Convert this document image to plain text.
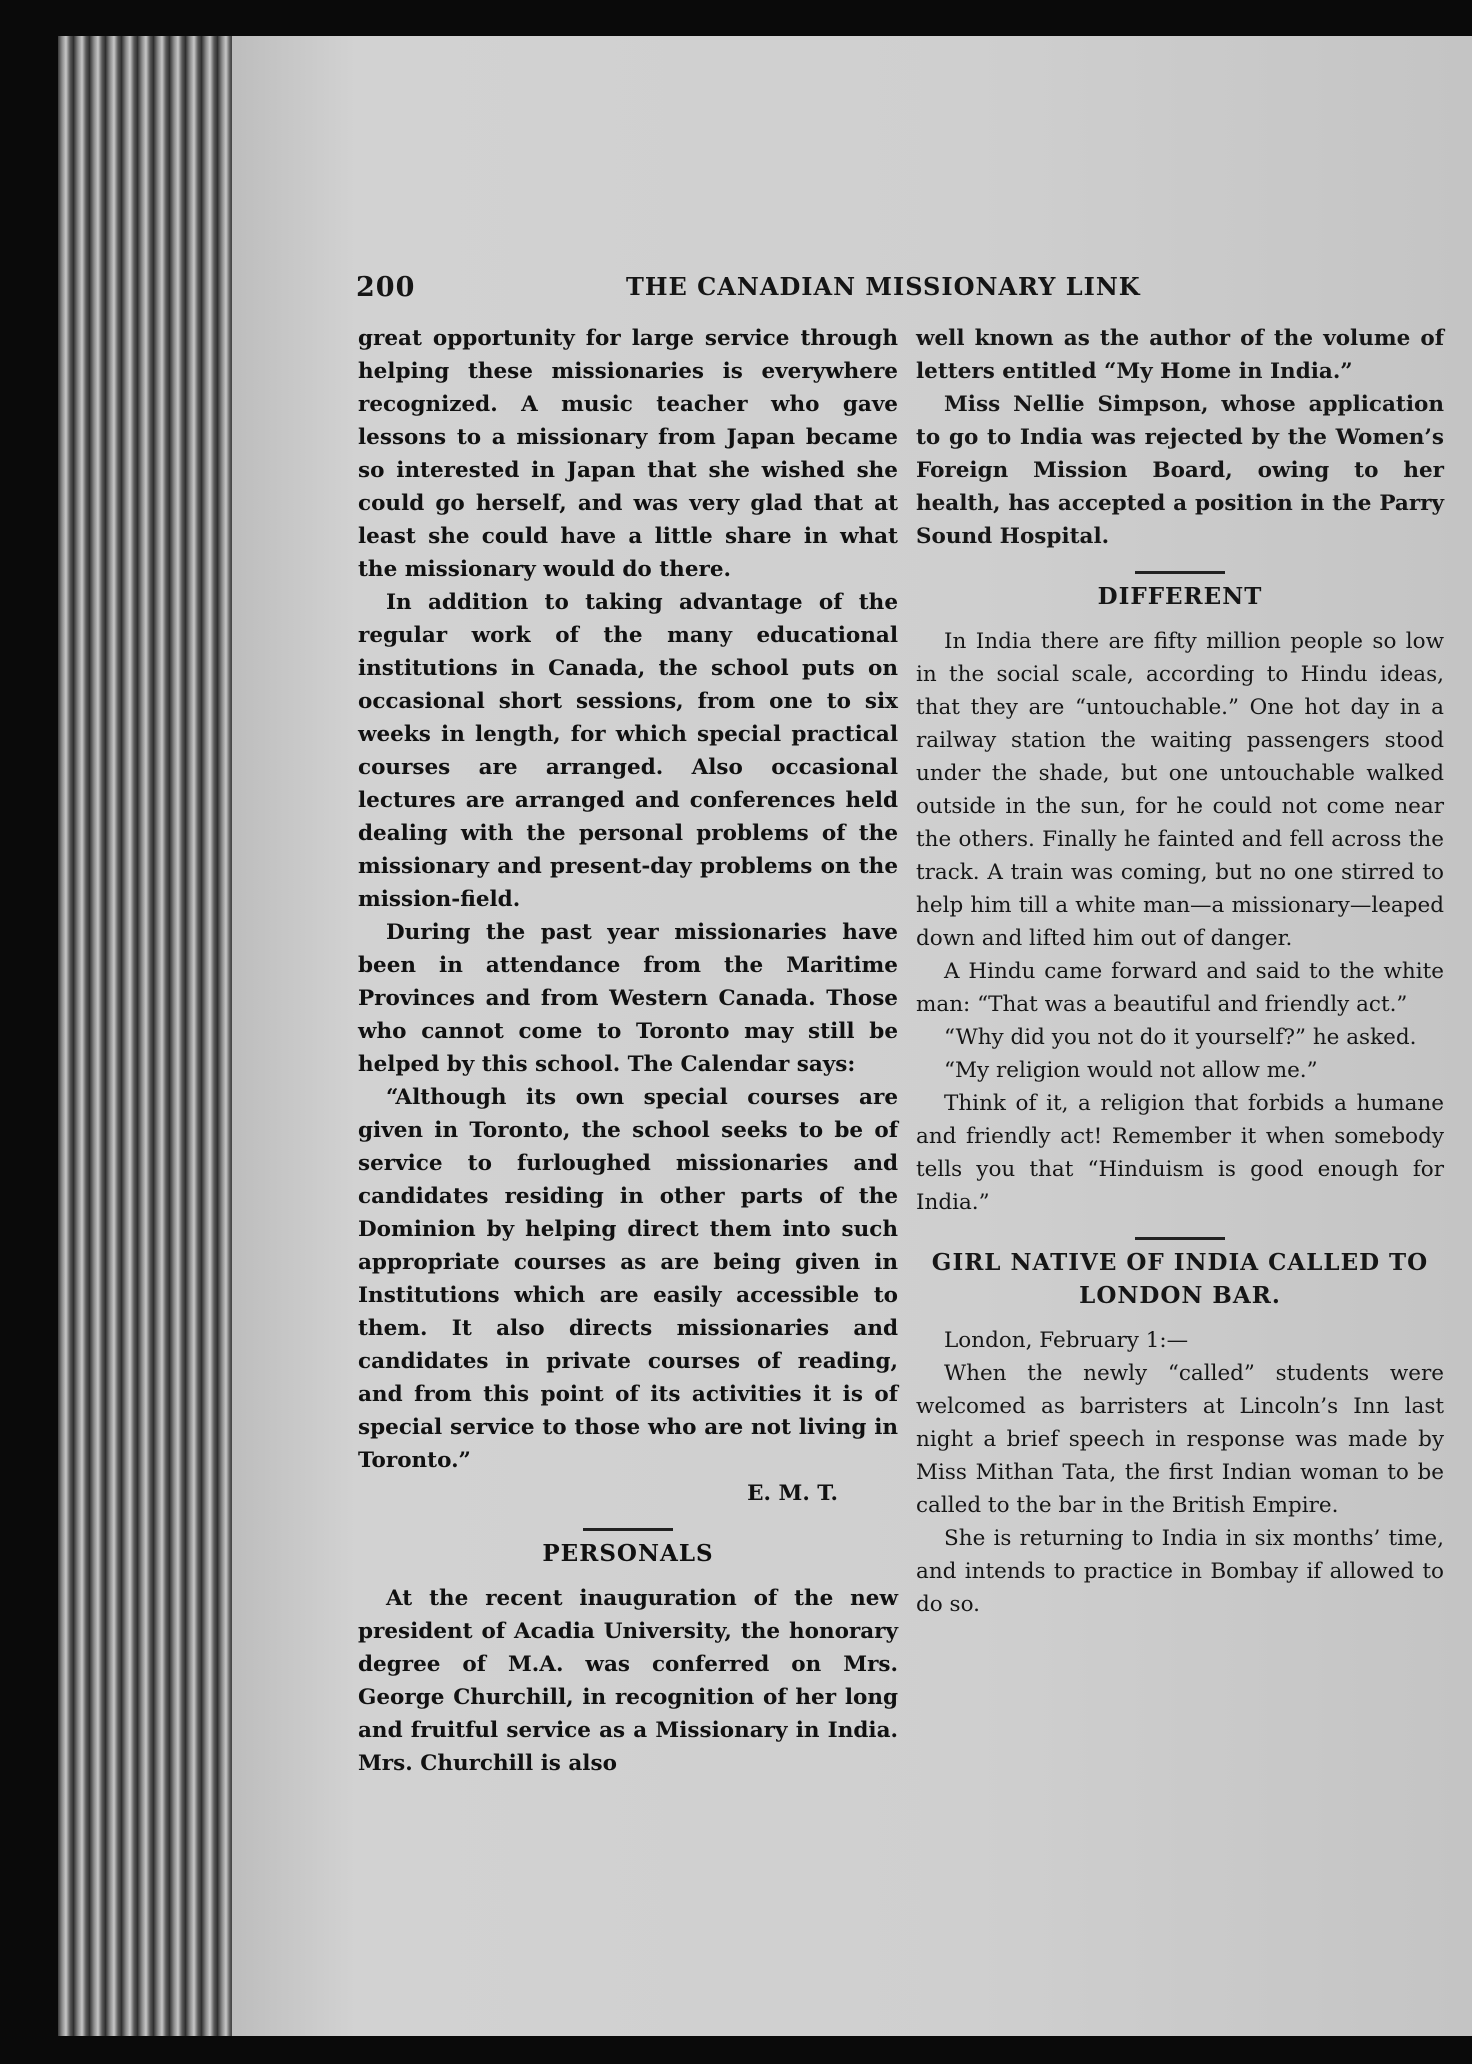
200	THE CANADIAN MISSIONARY LINK

great opportunity for large service through helping these missionaries is everywhere recognized. A music teacher who gave lessons to a missionary from Japan became so interested in Japan that she wished she could go herself, and was very glad that at least she could have a little share in what the missionary would do there.

In addition to taking advantage of the regular work of the many educational institutions in Canada, the school puts on occasional short sessions, from one to six weeks in length, for which special practical courses are arranged. Also occasional lectures are arranged and conferences held dealing with the personal problems of the missionary and present-day problems on the mission-field.

During the past year missionaries have been in attendance from the Maritime Provinces and from Western Canada. Those who cannot come to Toronto may still be helped by this school. The Calendar says:

“Although its own special courses are given in Toronto, the school seeks to be of service to furloughed missionaries and candidates residing in other parts of the Dominion by helping direct them into such appropriate courses as are being given in Institutions which are easily accessible to them. It also directs missionaries and candidates in private courses of reading, and from this point of its activities it is of special service to those who are not living in Toronto.”

E. M. T.

PERSONALS

At the recent inauguration of the new president of Acadia University, the honorary degree of M.A. was conferred on Mrs. George Churchill, in recognition of her long and fruitful service as a Missionary in India. Mrs. Churchill is also

well known as the author of the volume of letters entitled “My Home in India.”

Miss Nellie Simpson, whose application to go to India was rejected by the Women’s Foreign Mission Board, owing to her health, has accepted a position in the Parry Sound Hospital.

DIFFERENT

In India there are fifty million people so low in the social scale, according to Hindu ideas, that they are “untouchable.” One hot day in a railway station the waiting passengers stood under the shade, but one untouchable walked outside in the sun, for he could not come near the others. Finally he fainted and fell across the track. A train was coming, but no one stirred to help him till a white man—a missionary—leaped down and lifted him out of danger.

A Hindu came forward and said to the white man: “That was a beautiful and friendly act.”

“Why did you not do it yourself?” he asked.

“My religion would not allow me.”

Think of it, a religion that forbids a humane and friendly act! Remember it when somebody tells you that “Hinduism is good enough for India.”

GIRL NATIVE OF INDIA CALLED TO LONDON BAR.

London, February 1:—

When the newly “called” students were welcomed as barristers at Lincoln’s Inn last night a brief speech in response was made by Miss Mithan Tata, the first Indian woman to be called to the bar in the British Empire.

She is returning to India in six months’ time, and intends to practice in Bombay if allowed to do so.
